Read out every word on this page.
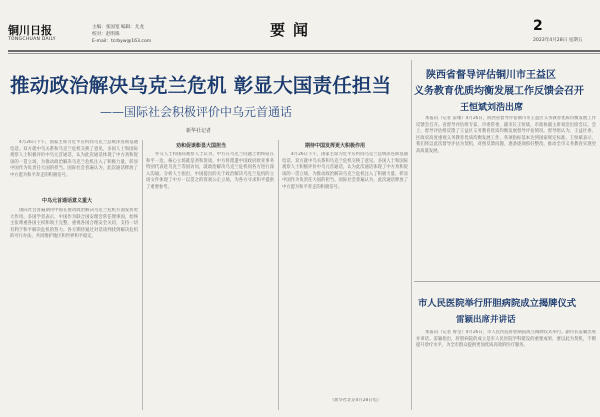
铜川日报
TONGCHUAN DAILY
主编：张国宽 编辑：尤龙
校对：赵明珠
E-mail：tcrbyw@163.com
要闻	2
2023年4月28日 星期五
推动政治解决乌克兰危机 彰显大国责任担当
——国际社会积极评价中乌元首通话
新华社记者
中乌元首通话意义重大
4月26日下午，国家主席习近平应约同乌克兰总统泽连斯基通电话。双方就中乌关系和乌克兰危机交换了意见。多国人士和国际观察人士积极评价中乌元首通话，认为此次通话体现了中方劝和促谈的一贯立场，为推动政治解决乌克兰危机注入了积极力量，彰显中国作为负责任大国的担当。国际社会普遍认为，此次通话释放了中方愿为和平奔走的积极信号。
国际社会普遍期待中国在推动政治解决乌克兰危机方面发挥更大作用。多国学者表示，中国作为联合国安理会常任理事国，始终主张尊重各国主权和领土完整，重视各国合理安全关切，支持一切有利于和平解决危机的努力。各方期待通过对话谈判找到解决危机的可行办法，共同维护地区和世界和平稳定。
劝和促谈彰显大国担当
外交人士和国际观察人士认为，中方在乌克兰问题上始终站在和平一边，核心立场就是劝和促谈。中方将派遣中国政府欧亚事务特别代表赴乌克兰等国访问，就政治解决乌克兰危机同各方进行深入沟通。分析人士指出，中国提出的关于政治解决乌克兰危机的立场文件体现了中方一以贯之的客观公正立场，为各方寻求和平提供了重要参考。
期待中国发挥更大积极作用
4月26日下午，国家主席习近平应约同乌克兰总统泽连斯基通电话。双方就中乌关系和乌克兰危机交换了意见。多国人士和国际观察人士积极评价中乌元首通话，认为此次通话体现了中方劝和促谈的一贯立场，为推动政治解决乌克兰危机注入了积极力量，彰显中国作为负责任大国的担当。国际社会普遍认为，此次通话释放了中方愿为和平奔走的积极信号。
（新华社北京4月28日电）
陕西省督导评估铜川市王益区
义务教育优质均衡发展工作反馈会召开
王恒斌刘浩出席
本报讯（记者 雷珊）4月26日，陕西省督导评估铜川市王益区义务教育优质均衡发展工作反馈会召开。省督导评估组专家、市委常委、副市长王恒斌，市政协副主席刘浩出席会议。会上，督导评估组反馈了王益区义务教育优质均衡发展督导评估情况。督导组认为，王益区委、区政府高度重视义务教育优质均衡发展工作，各项指标基本达到国家规定标准。王恒斌表示，我们将以此次督导评估为契机，对照反馈问题，逐条逐项抓好整改，推动全市义务教育实现更高质量发展。
市人民医院举行肝胆病院成立揭牌仪式
雷颖出席并讲话
本报讯（记者 鲁莹）4月26日，市人民医院肝胆病院成立揭牌仪式举行。副市长雷颖出席并讲话。雷颖指出，肝胆病院的成立是市人民医院学科建设的重要成果，要以此为契机，不断提升诊疗水平，为全市群众提供更加优质高效的医疗服务。
